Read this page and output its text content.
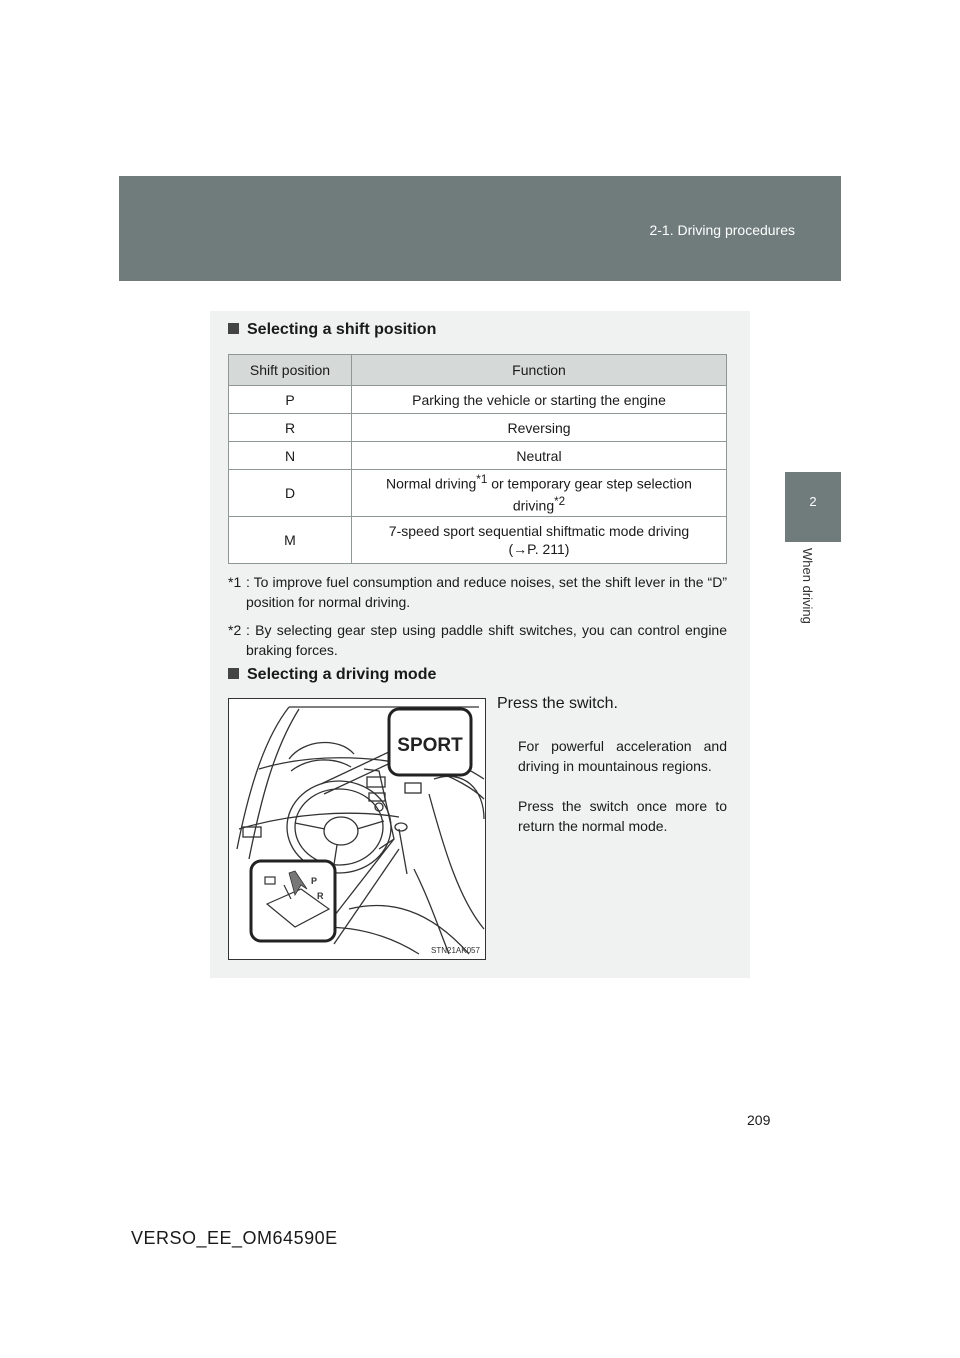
2-1. Driving procedures
2
When driving
Selecting a shift position
Shift position	Function
P	Parking the vehicle or starting the engine
R	Reversing
N	Neutral
D	Normal driving$^{*1}$ or temporary gear step selection driving$^{*2}$
M	7-speed sport sequential shiftmatic mode driving
(→P. 211)
*1 : To improve fuel consumption and reduce noises, set the shift lever in the “D” position for normal driving.
*2 : By selecting gear step using paddle shift switches, you can control engine braking forces.
Selecting a driving mode
SPORT
P
R
STN21AK057
Press the switch.
For powerful acceleration and driving in mountainous regions.
Press the switch once more to return the normal mode.
209
VERSO_EE_OM64590E
